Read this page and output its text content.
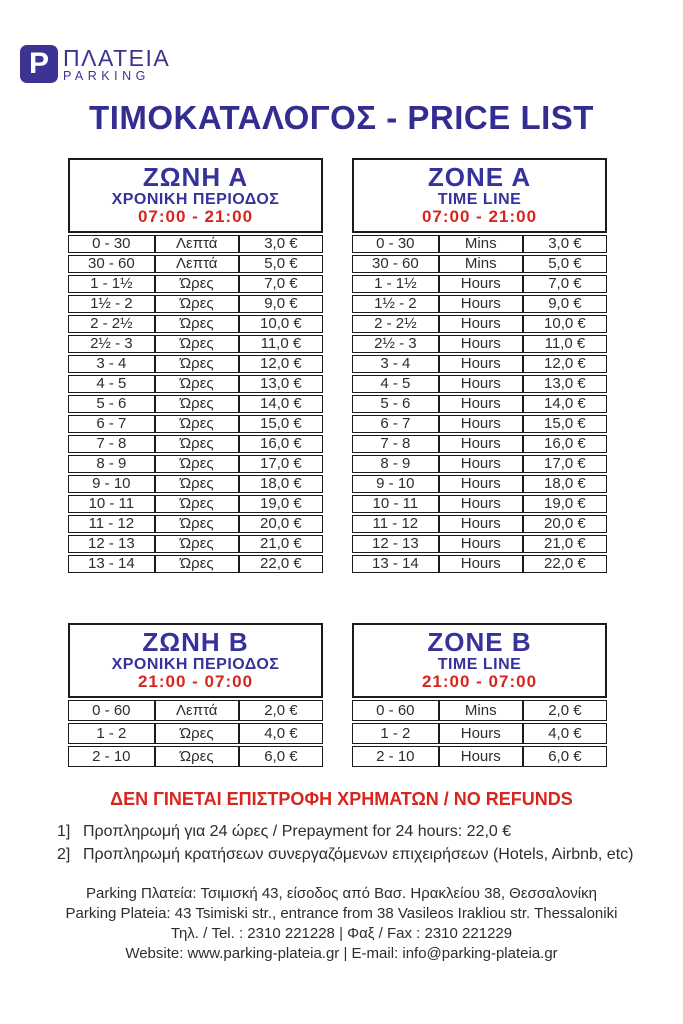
P ΠΛΑΤΕΙΑ
PARKING
ΤΙΜΟΚΑΤΑΛΟΓΟΣ - PRICE LIST
ΖΩΝΗ Α
ΧΡΟΝΙΚΗ ΠΕΡΙΟΔΟΣ
07:00 - 21:00		

0 - 30	Λεπτά	3,0 €
30 - 60	Λεπτά	5,0 €
1 - 1½	Ώρες	7,0 €
1½ - 2	Ώρες	9,0 €
2 - 2½	Ώρες	10,0 €
2½ - 3	Ώρες	11,0 €
3 - 4	Ώρες	12,0 €
4 - 5	Ώρες	13,0 €
5 - 6	Ώρες	14,0 €
6 - 7	Ώρες	15,0 €
7 - 8	Ώρες	16,0 €
8 - 9	Ώρες	17,0 €
9 - 10	Ώρες	18,0 €
10 - 11	Ώρες	19,0 €
11 - 12	Ώρες	20,0 €
12 - 13	Ώρες	21,0 €
13 - 14	Ώρες	22,0 €
ZONE A
TIME LINE
07:00 - 21:00		

0 - 30	Mins	3,0 €
30 - 60	Mins	5,0 €
1 - 1½	Hours	7,0 €
1½ - 2	Hours	9,0 €
2 - 2½	Hours	10,0 €
2½ - 3	Hours	11,0 €
3 - 4	Hours	12,0 €
4 - 5	Hours	13,0 €
5 - 6	Hours	14,0 €
6 - 7	Hours	15,0 €
7 - 8	Hours	16,0 €
8 - 9	Hours	17,0 €
9 - 10	Hours	18,0 €
10 - 11	Hours	19,0 €
11 - 12	Hours	20,0 €
12 - 13	Hours	21,0 €
13 - 14	Hours	22,0 €
ΖΩΝΗ Β
ΧΡΟΝΙΚΗ ΠΕΡΙΟΔΟΣ
21:00 - 07:00		

0 - 60	Λεπτά	2,0 €
1 - 2	Ώρες	4,0 €
2 - 10	Ώρες	6,0 €
ZONE B
TIME LINE
21:00 - 07:00		

0 - 60	Mins	2,0 €
1 - 2	Hours	4,0 €
2 - 10	Hours	6,0 €
ΔΕΝ ΓΙΝΕΤΑΙ ΕΠΙΣΤΡΟΦΗ ΧΡΗΜΑΤΩΝ / NO REFUNDS
1] Προπληρωμή για 24 ώρες / Prepayment for 24 hours: 22,0 €
2] Προπληρωμή κρατήσεων συνεργαζόμενων επιχειρήσεων (Hotels, Airbnb, etc)
Parking Πλατεία: Τσιμισκή 43, είσοδος από Βασ. Ηρακλείου 38, Θεσσαλονίκη
Parking Plateia: 43 Tsimiski str., entrance from 38 Vasileos Irakliou str. Thessaloniki
Τηλ. / Tel. : 2310 221228 | Φαξ / Fax : 2310 221229
Website: www.parking-plateia.gr | E-mail: info@parking-plateia.gr
